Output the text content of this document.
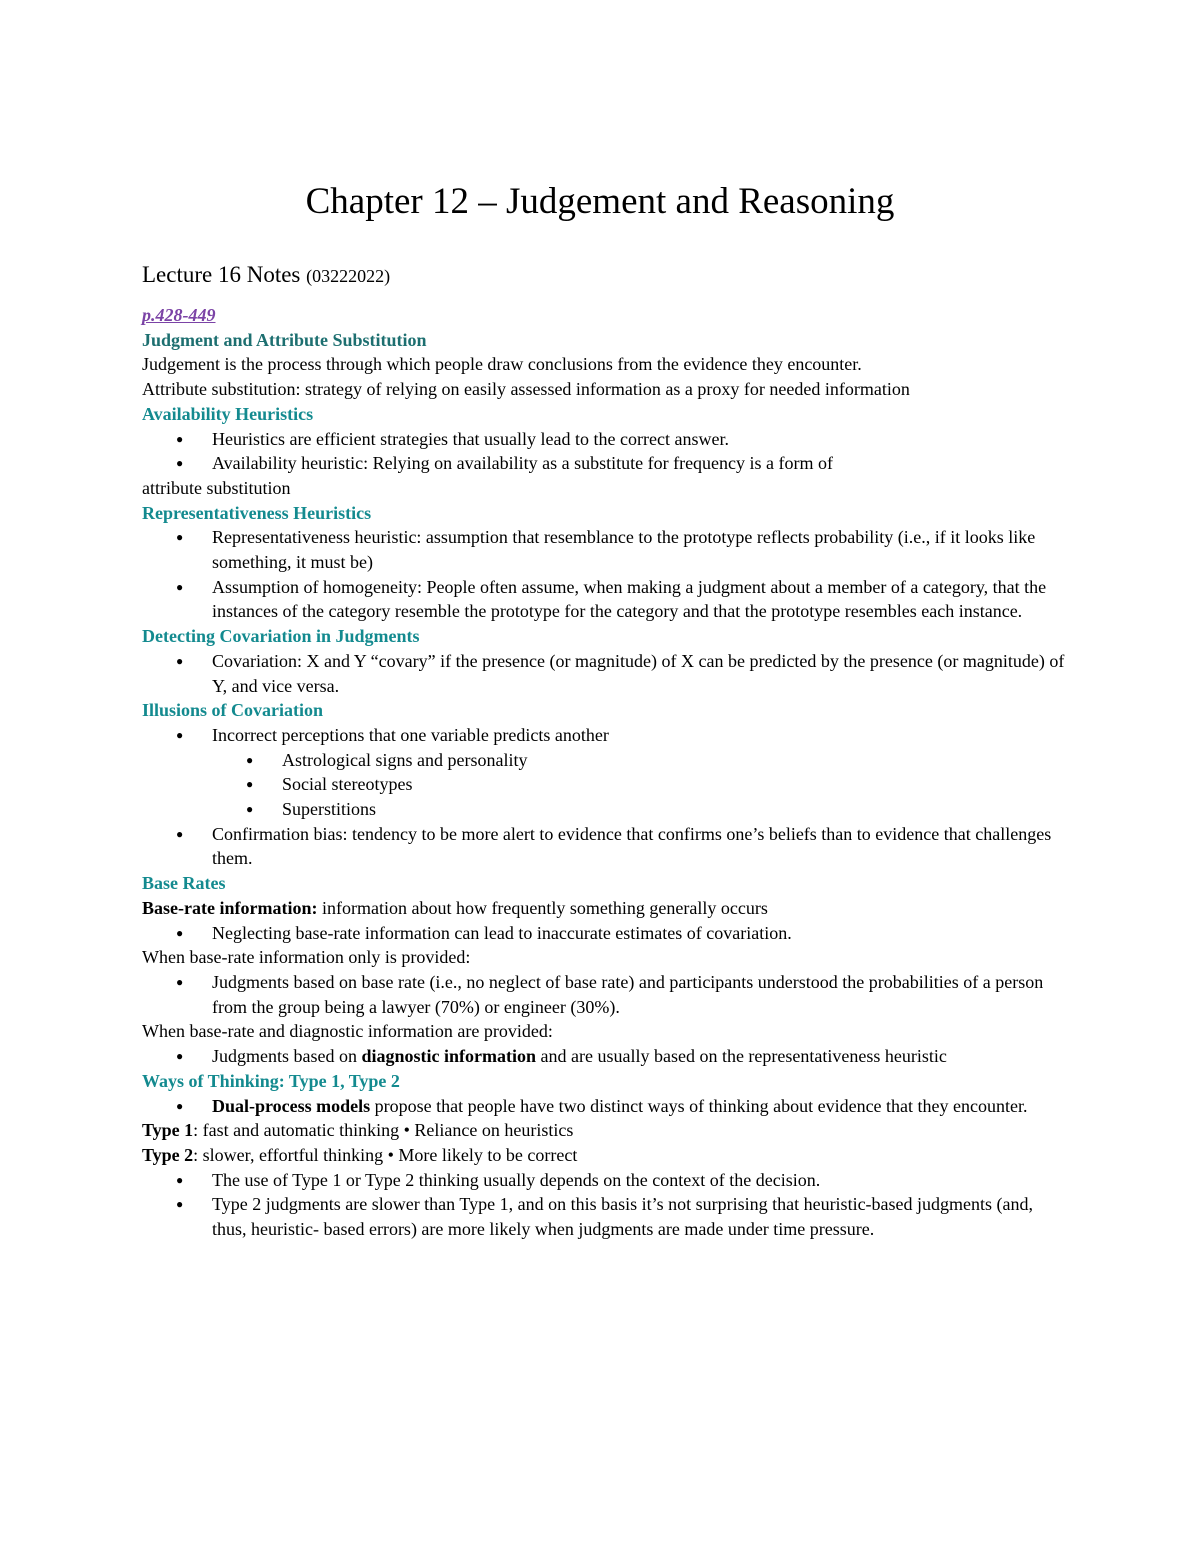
Chapter 12 – Judgement and Reasoning
Lecture 16 Notes (03222022)

p.428-449

Judgment and Attribute Substitution

Judgement is the process through which people draw conclusions from the evidence they encounter.

Attribute substitution: strategy of relying on easily assessed information as a proxy for needed information

Availability Heuristics

● Heuristics are efficient strategies that usually lead to the correct answer.
● Availability heuristic: Relying on availability as a substitute for frequency is a form of

attribute substitution

Representativeness Heuristics

● Representativeness heuristic: assumption that resemblance to the prototype reflects probability (i.e., if it looks like something, it must be)
● Assumption of homogeneity: People often assume, when making a judgment about a member of a category, that the instances of the category resemble the prototype for the category and that the prototype resembles each instance.

Detecting Covariation in Judgments

● Covariation: X and Y “covary” if the presence (or magnitude) of X can be predicted by the presence (or magnitude) of Y, and vice versa.

Illusions of Covariation

● Incorrect perceptions that one variable predicts another
● Astrological signs and personality
● Social stereotypes
● Superstitions
● Confirmation bias: tendency to be more alert to evidence that confirms one’s beliefs than to evidence that challenges them.

Base Rates

Base-rate information: information about how frequently something generally occurs

● Neglecting base-rate information can lead to inaccurate estimates of covariation.

When base-rate information only is provided:

● Judgments based on base rate (i.e., no neglect of base rate) and participants understood the probabilities of a person from the group being a lawyer (70%) or engineer (30%).

When base-rate and diagnostic information are provided:

● Judgments based on diagnostic information and are usually based on the representativeness heuristic

Ways of Thinking: Type 1, Type 2

● Dual-process models propose that people have two distinct ways of thinking about evidence that they encounter.

Type 1: fast and automatic thinking • Reliance on heuristics

Type 2: slower, effortful thinking • More likely to be correct

● The use of Type 1 or Type 2 thinking usually depends on the context of the decision.
● Type 2 judgments are slower than Type 1, and on this basis it’s not surprising that heuristic-based judgments (and, thus, heuristic- based errors) are more likely when judgments are made under time pressure.
